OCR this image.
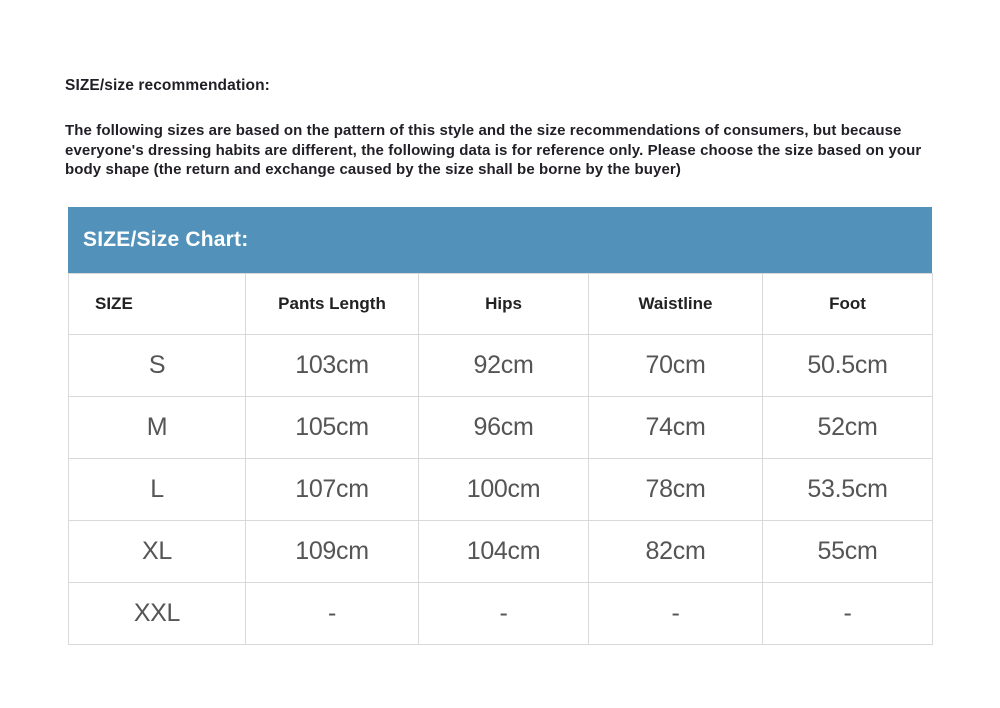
SIZE/size recommendation:
The following sizes are based on the pattern of this style and the size recommendations of consumers, but because everyone's dressing habits are different, the following data is for reference only. Please choose the size based on your body shape (the return and exchange caused by the size shall be borne by the buyer)
SIZE/Size Chart:
SIZE	Pants Length	Hips	Waistline	Foot
S	103cm	92cm	70cm	50.5cm
M	105cm	96cm	74cm	52cm
L	107cm	100cm	78cm	53.5cm
XL	109cm	104cm	82cm	55cm
XXL	-	-	-	-
